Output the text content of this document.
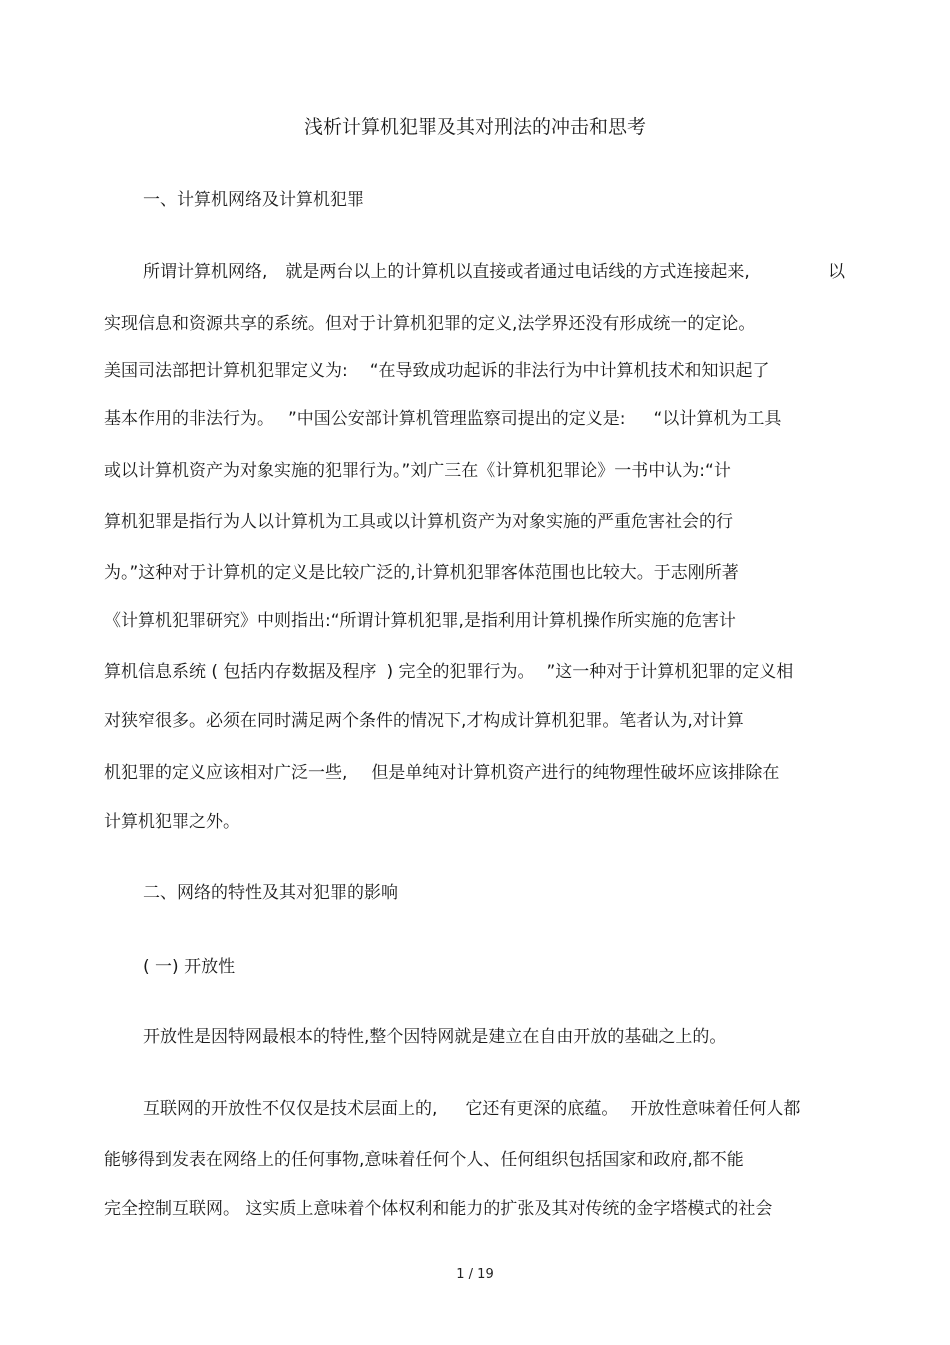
浅析计算机犯罪及其对刑法的冲击和思考
一、计算机网络及计算机犯罪
所谓计算机网络, 就是两台以上的计算机以直接或者通过电话线的方式连接起来,	以
实现信息和资源共享的系统。但对于计算机犯罪的定义,法学界还没有形成统一的定论。
美国司法部把计算机犯罪定义为: “在导致成功起诉的非法行为中计算机技术和知识起了
基本作用的非法行为。 ”中国公安部计算机管理监察司提出的定义是: “以计算机为工具
或以计算机资产为对象实施的犯罪行为。”刘广三在《计算机犯罪论》一书中认为:“计
算机犯罪是指行为人以计算机为工具或以计算机资产为对象实施的严重危害社会的行
为。”这种对于计算机的定义是比较广泛的,计算机犯罪客体范围也比较大。于志刚所著
《计算机犯罪研究》中则指出:“所谓计算机犯罪,是指利用计算机操作所实施的危害计
算机信息系统 ( 包括内存数据及程序 ) 完全的犯罪行为。 ”这一种对于计算机犯罪的定义相
对狭窄很多。必须在同时满足两个条件的情况下,才构成计算机犯罪。笔者认为,对计算
机犯罪的定义应该相对广泛一些, 但是单纯对计算机资产进行的纯物理性破坏应该排除在
计算机犯罪之外。
二、网络的特性及其对犯罪的影响
( 一) 开放性
开放性是因特网最根本的特性,整个因特网就是建立在自由开放的基础之上的。
互联网的开放性不仅仅是技术层面上的, 它还有更深的底蕴。 开放性意味着任何人都
能够得到发表在网络上的任何事物,意味着任何个人、任何组织包括国家和政府,都不能
完全控制互联网。 这实质上意味着个体权利和能力的扩张及其对传统的金字塔模式的社会
1 / 19
